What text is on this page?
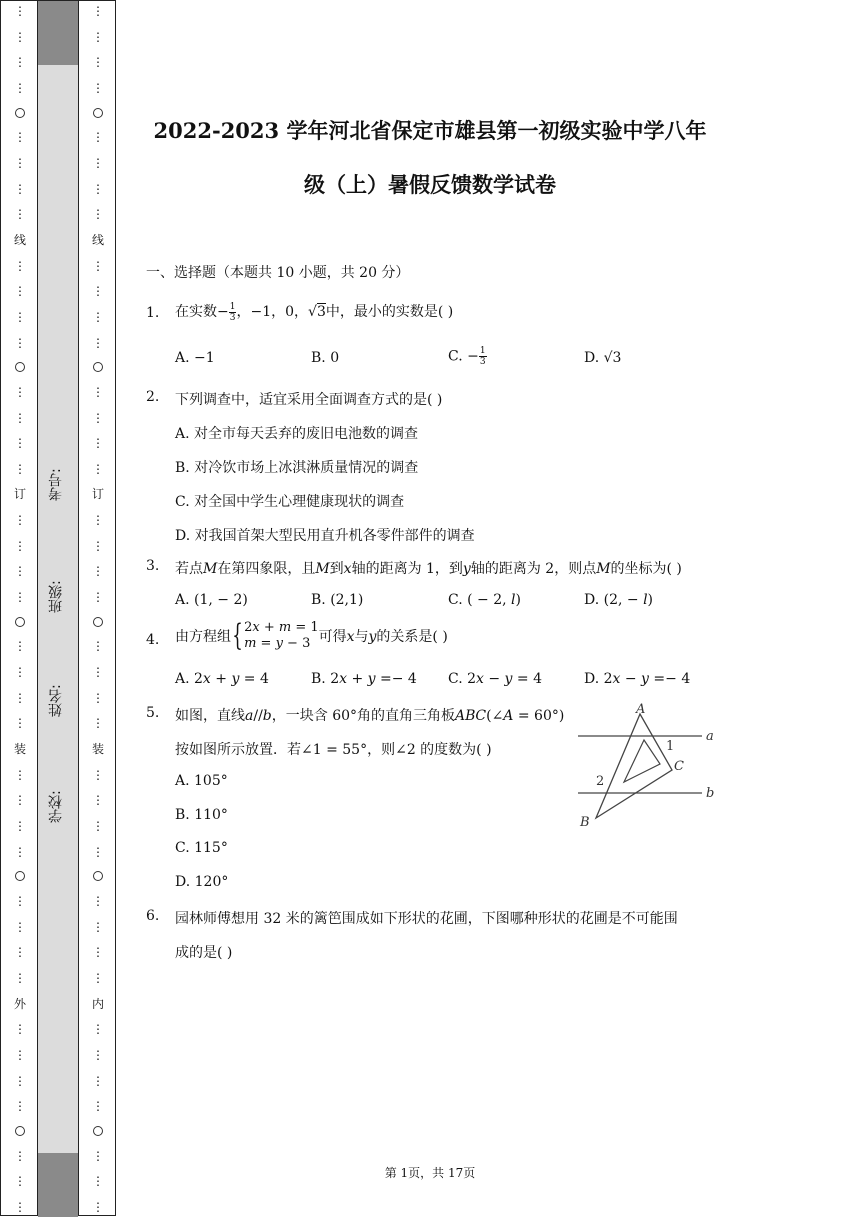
⋮
⋮
⋮
⋮
⋮
⋮
⋮
⋮
线
⋮
⋮
⋮
⋮
⋮
⋮
⋮
⋮
订
⋮
⋮
⋮
⋮
⋮
⋮
⋮
⋮
装
⋮
⋮
⋮
⋮
⋮
⋮
⋮
⋮
外
⋮
⋮
⋮
⋮
⋮
⋮
⋮
学校:
姓名:
班级:
考号:
⋮
⋮
⋮
⋮
⋮
⋮
⋮
⋮
线
⋮
⋮
⋮
⋮
⋮
⋮
⋮
⋮
订
⋮
⋮
⋮
⋮
⋮
⋮
⋮
⋮
装
⋮
⋮
⋮
⋮
⋮
⋮
⋮
⋮
内
⋮
⋮
⋮
⋮
⋮
⋮
⋮
2022-2023 学年河北省保定市雄县第一初级实验中学八年
级（上）暑假反馈数学试卷
一、选择题（本题共 10 小题，共 20 分）
1. 在实数− $\frac{1}{3}$ ，−1，0，√3中，最小的实数是( )
A. −1	B. 0	C. − $\frac{1}{3}$	D. √3
2. 下列调查中，适宜采用全面调查方式的是( )
A. 对全市每天丢弃的废旧电池数的调查
B. 对冷饮市场上冰淇淋质量情况的调查
C. 对全国中学生心理健康现状的调查
D. 对我国首架大型民用直升机各零件部件的调查
3. 若点𝑀在第四象限，且𝑀到𝑥轴的距离为 1，到𝑦轴的距离为 2，则点𝑀的坐标为( )
A. (1, − 2)	B. (2,1)	C. ( − 2, 𝑙)	D. (2, − 𝑙)
4. 由方程组{ 2𝑥 + 𝑚 = 1
𝑚 = 𝑦 − 3 可得𝑥与𝑦的关系是( )
A. 2𝑥 + 𝑦 = 4	B. 2𝑥 + 𝑦 =− 4 C. 2𝑥 − 𝑦 = 4	D. 2𝑥 − 𝑦 =− 4
5. 如图，直线𝑎//𝑏，一块含 60°角的直角三角板𝐴𝐵𝐶(∠𝐴 = 60°)
按如图所示放置．若∠1 = 55°，则∠2 的度数为( )
A. 105°
B. 110°
C. 115°
D. 120°
A
B
C
a
b
1
2
6. 园林师傅想用 32 米的篱笆围成如下形状的花圃，下图哪种形状的花圃是不可能围
成的是( )
第 1页，共 17页
